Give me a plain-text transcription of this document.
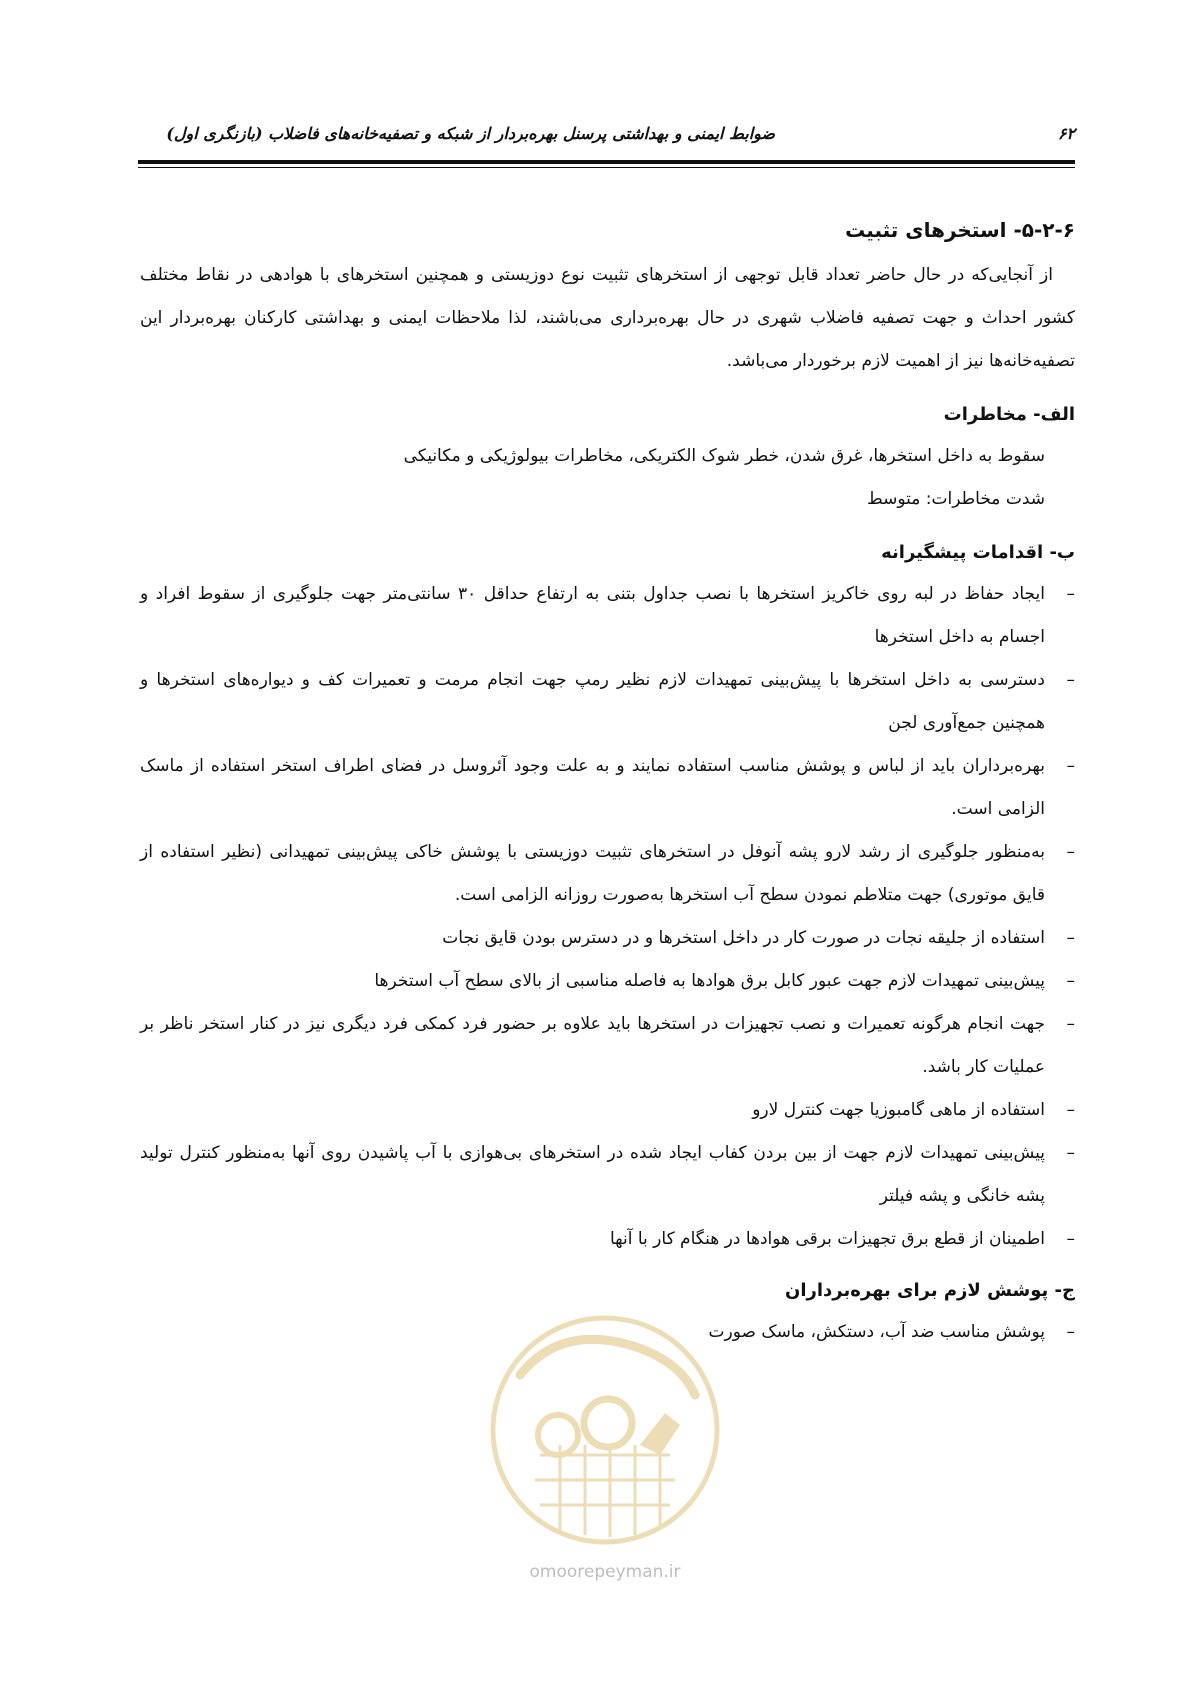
ضوابط ایمنی و بهداشتی پرسنل بهره‌بردار از شبکه و تصفیه‌خانه‌های فاضلاب (بازنگری اول)	۶۲
۵-۲-۶- استخرهای تثبیت

از آنجایی‌که در حال حاضر تعداد قابل توجهی از استخرهای تثبیت نوع دوزیستی و همچنین استخرهای با هوادهی در نقاط مختلف کشور احداث و جهت تصفیه فاضلاب شهری در حال بهره‌برداری می‌باشند، لذا ملاحظات ایمنی و بهداشتی کارکنان بهره‌بردار این تصفیه‌خانه‌ها نیز از اهمیت لازم برخوردار می‌باشد.

الف- مخاطرات
سقوط به داخل استخرها، غرق شدن، خطر شوک الکتریکی، مخاطرات بیولوژیکی و مکانیکی
شدت مخاطرات: متوسط
ب- اقدامات پیشگیرانه
–
ایجاد حفاظ در لبه روی خاکریز استخرها با نصب جداول بتنی به ارتفاع حداقل ۳۰ سانتی‌متر جهت جلوگیری از سقوط افراد و اجسام به داخل استخرها
–
دسترسی به داخل استخرها با پیش‌بینی تمهیدات لازم نظیر رمپ جهت انجام مرمت و تعمیرات کف و دیواره‌های استخرها و همچنین جمع‌آوری لجن
–
بهره‌برداران باید از لباس و پوشش مناسب استفاده نمایند و به علت وجود آئروسل در فضای اطراف استخر استفاده از ماسک الزامی است.
–
به‌منظور جلوگیری از رشد لارو پشه آنوفل در استخرهای تثبیت دوزیستی با پوشش خاکی پیش‌بینی تمهیدانی (نظیر استفاده از قایق موتوری) جهت متلاطم نمودن سطح آب استخرها به‌صورت روزانه الزامی است.
–
استفاده از جلیقه نجات در صورت کار در داخل استخرها و در دسترس بودن قایق نجات
–
پیش‌بینی تمهیدات لازم جهت عبور کابل برق هوادها به فاصله مناسبی از بالای سطح آب استخرها
–
جهت انجام هرگونه تعمیرات و نصب تجهیزات در استخرها باید علاوه بر حضور فرد کمکی فرد دیگری نیز در کنار استخر ناظر بر عملیات کار باشد.
–
استفاده از ماهی گامبوزیا جهت کنترل لارو
–
پیش‌بینی تمهیدات لازم جهت از بین بردن کفاب ایجاد شده در استخرهای بی‌هوازی با آب پاشیدن روی آنها به‌منظور کنترل تولید پشه خانگی و پشه فیلتر
–
اطمینان از قطع برق تجهیزات برقی هوادها در هنگام کار با آنها
ج- پوشش لازم برای بهره‌برداران
–
پوشش مناسب ضد آب، دستکش، ماسک صورت
omoorepeyman.ir
